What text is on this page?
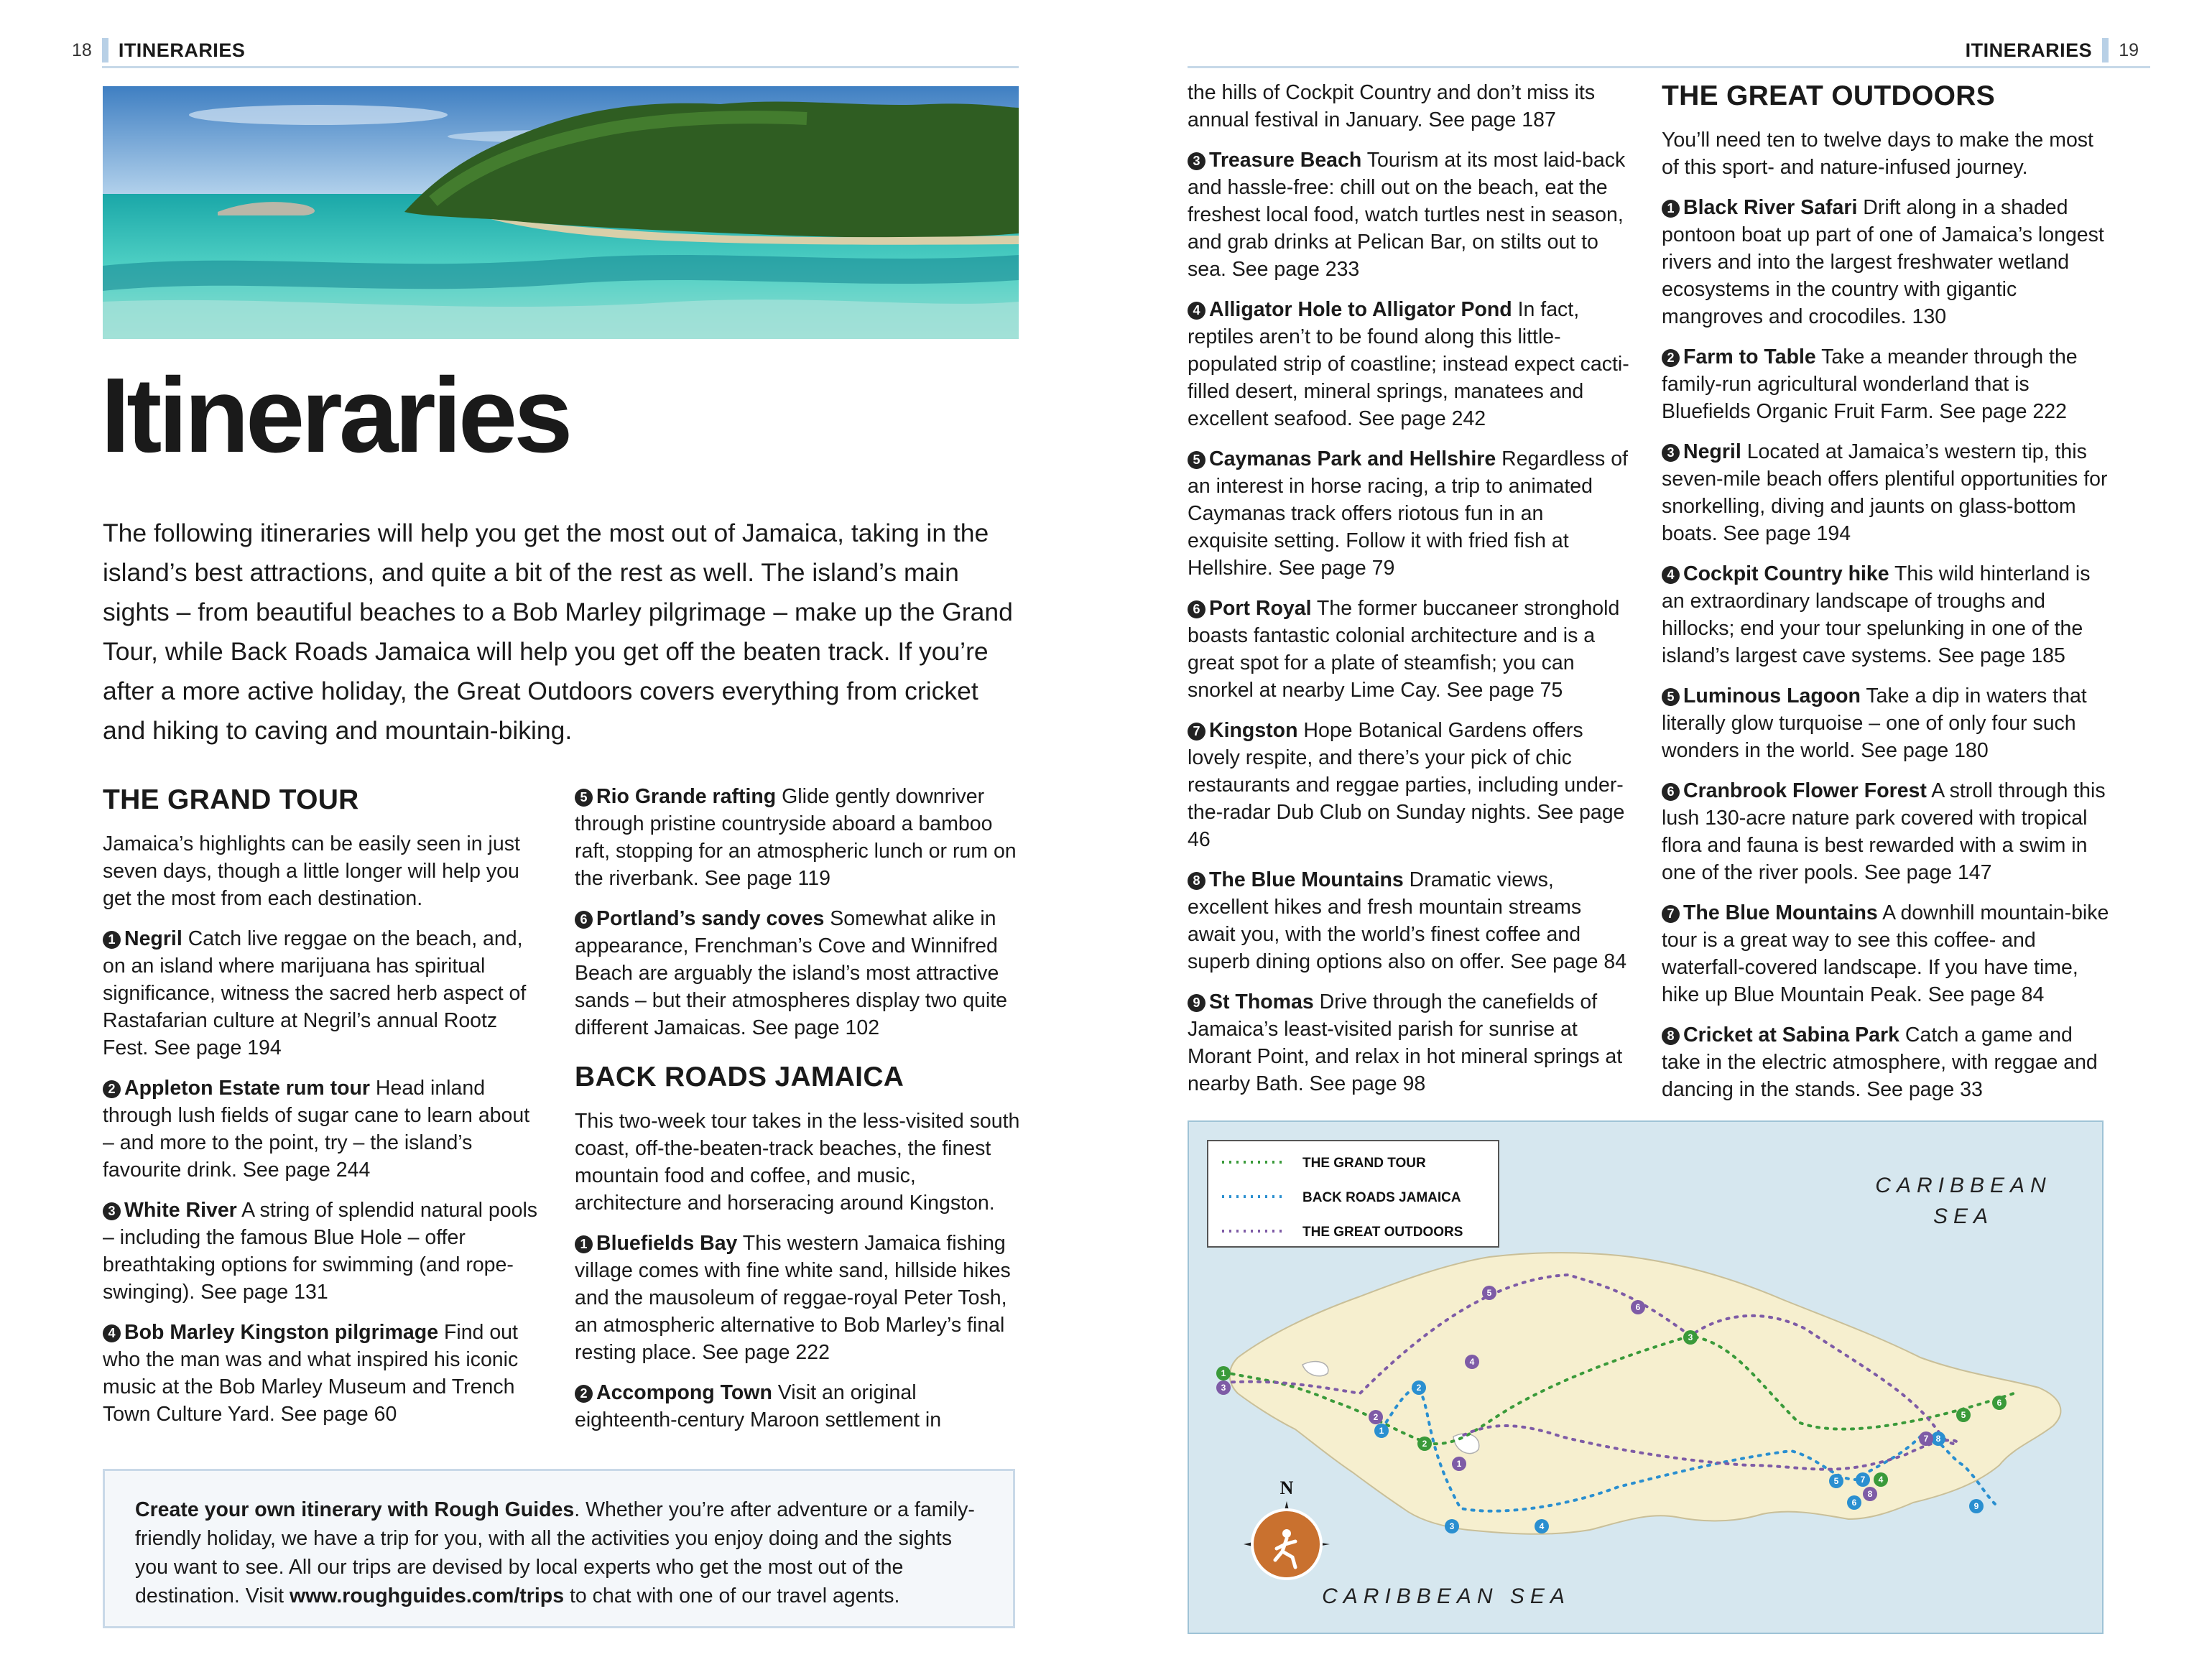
18 ITINERARIES
Itineraries

The following itineraries will help you get the most out of Jamaica, taking in the island’s best attractions, and quite a bit of the rest as well. The island’s main sights – from beautiful beaches to a Bob Marley pilgrimage – make up the Grand Tour, while Back Roads Jamaica will help you get off the beaten track. If you’re after a more active holiday, the Great Outdoors covers everything from cricket and hiking to caving and mountain-biking.

THE GRAND TOUR

Jamaica’s highlights can be easily seen in just seven days, though a little longer will help you get the most from each destination.

1 Negril Catch live reggae on the beach, and, on an island where marijuana has spiritual significance, witness the sacred herb aspect of Rastafarian culture at Negril’s annual Rootz Fest. See page 194

2 Appleton Estate rum tour Head inland through lush fields of sugar cane to learn about – and more to the point, try – the island’s favourite drink. See page 244

3 White River A string of splendid natural pools – including the famous Blue Hole – offer breathtaking options for swimming (and rope-swinging). See page 131

4 Bob Marley Kingston pilgrimage Find out who the man was and what inspired his iconic music at the Bob Marley Museum and Trench Town Culture Yard. See page 60

5 Rio Grande rafting Glide gently downriver through pristine countryside aboard a bamboo raft, stopping for an atmospheric lunch or rum on the riverbank. See page 119

6 Portland’s sandy coves Somewhat alike in appearance, Frenchman’s Cove and Winnifred Beach are arguably the island’s most attractive sands – but their atmospheres display two quite different Jamaicas. See page 102

BACK ROADS JAMAICA

This two-week tour takes in the less-visited south coast, off-the-beaten-track beaches, the finest mountain food and coffee, and music, architecture and horseracing around Kingston.

1 Bluefields Bay This western Jamaica fishing village comes with fine white sand, hillside hikes and the mausoleum of reggae-royal Peter Tosh, an atmospheric alternative to Bob Marley’s final resting place. See page 222

2 Accompong Town Visit an original eighteenth-century Maroon settlement in

Create your own itinerary with Rough Guides. Whether you’re after adventure or a family-friendly holiday, we have a trip for you, with all the activities you enjoy doing and the sights you want to see. All our trips are devised by local experts who get the most out of the destination. Visit www.roughguides.com/trips to chat with one of our travel agents.

ITINERARIES 19

the hills of Cockpit Country and don’t miss its annual festival in January. See page 187

3 Treasure Beach Tourism at its most laid-back and hassle-free: chill out on the beach, eat the freshest local food, watch turtles nest in season, and grab drinks at Pelican Bar, on stilts out to sea. See page 233

4 Alligator Hole to Alligator Pond In fact, reptiles aren’t to be found along this little-populated strip of coastline; instead expect cacti-filled desert, mineral springs, manatees and excellent seafood. See page 242

5 Caymanas Park and Hellshire Regardless of an interest in horse racing, a trip to animated Caymanas track offers riotous fun in an exquisite setting. Follow it with fried fish at Hellshire. See page 79

6 Port Royal The former buccaneer stronghold boasts fantastic colonial architecture and is a great spot for a plate of steamfish; you can snorkel at nearby Lime Cay. See page 75

7 Kingston Hope Botanical Gardens offers lovely respite, and there’s your pick of chic restaurants and reggae parties, including under-the-radar Dub Club on Sunday nights. See page 46

8 The Blue Mountains Dramatic views, excellent hikes and fresh mountain streams await you, with the world’s finest coffee and superb dining options also on offer. See page 84

9 St Thomas Drive through the canefields of Jamaica’s least-visited parish for sunrise at Morant Point, and relax in hot mineral springs at nearby Bath. See page 98

THE GREAT OUTDOORS

You’ll need ten to twelve days to make the most of this sport- and nature-infused journey.

1 Black River Safari Drift along in a shaded pontoon boat up part of one of Jamaica’s longest rivers and into the largest freshwater wetland ecosystems in the country with gigantic mangroves and crocodiles. 130

2 Farm to Table Take a meander through the family-run agricultural wonderland that is Bluefields Organic Fruit Farm. See page 222

3 Negril Located at Jamaica’s western tip, this seven-mile beach offers plentiful opportunities for snorkelling, diving and jaunts on glass-bottom boats. See page 194

4 Cockpit Country hike This wild hinterland is an extraordinary landscape of troughs and hillocks; end your tour spelunking in one of the island’s largest cave systems. See page 185

5 Luminous Lagoon Take a dip in waters that literally glow turquoise – one of only four such wonders in the world. See page 180

6 Cranbrook Flower Forest A stroll through this lush 130-acre nature park covered with tropical flora and fauna is best rewarded with a swim in one of the river pools. See page 147

7 The Blue Mountains A downhill mountain-bike tour is a great way to see this coffee- and waterfall-covered landscape. If you have time, hike up Blue Mountain Peak. See page 84

8 Cricket at Sabina Park Catch a game and take in the electric atmosphere, with reggae and dancing in the stands. See page 33

THE GRAND TOUR
BACK ROADS JAMAICA
THE GREAT OUTDOORS
CARIBBEAN
SEA
CARIBBEAN SEA
N
1
2
3
4
5
6
1
2
3	4
5
6
7
8
9
1
2
3
4
5
6
7
8
